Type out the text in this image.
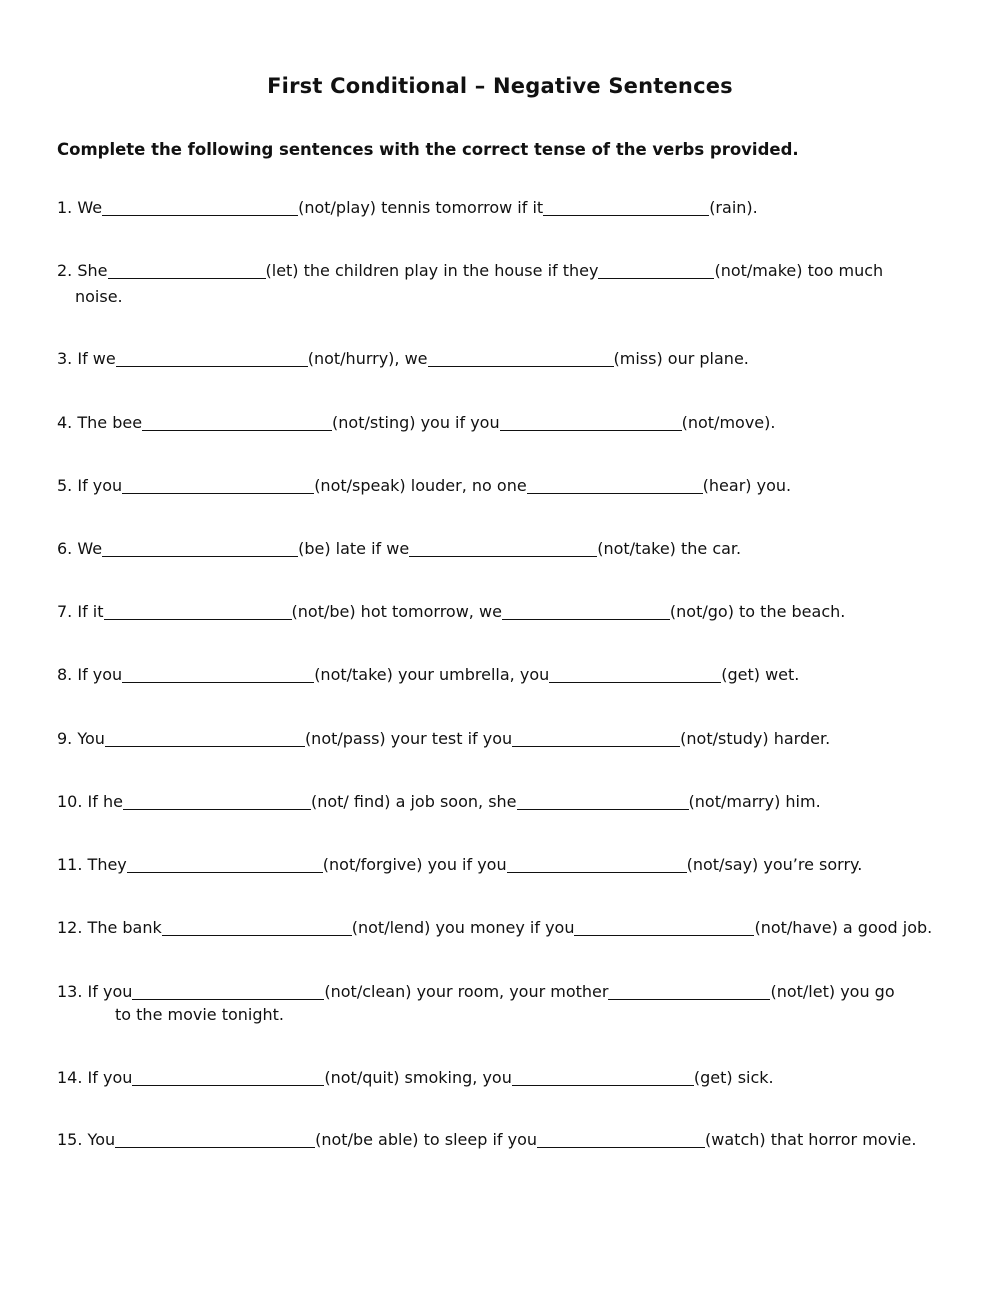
First Conditional – Negative Sentences
Complete the following sentences with the correct tense of the verbs provided.
1. We	(not/play) tennis tomorrow if it	(rain).
2. She	(let) the children play in the house if they	(not/make) too much
noise.
3. If we	(not/hurry), we	(miss) our plane.
4. The bee	(not/sting) you if you	(not/move).
5. If you	(not/speak) louder, no one	(hear) you.
6. We	(be) late if we	(not/take) the car.
7. If it	(not/be) hot tomorrow, we	(not/go) to the beach.
8. If you	(not/take) your umbrella, you	(get) wet.
9. You	(not/pass) your test if you	(not/study) harder.
10. If he	(not/ find) a job soon, she	(not/marry) him.
11. They	(not/forgive) you if you	(not/say) you’re sorry.
12. The bank	(not/lend) you money if you	(not/have) a good job.
13. If you	(not/clean) your room, your mother	(not/let) you go
to the movie tonight.
14. If you	(not/quit) smoking, you	(get) sick.
15. You	(not/be able) to sleep if you	(watch) that horror movie.
